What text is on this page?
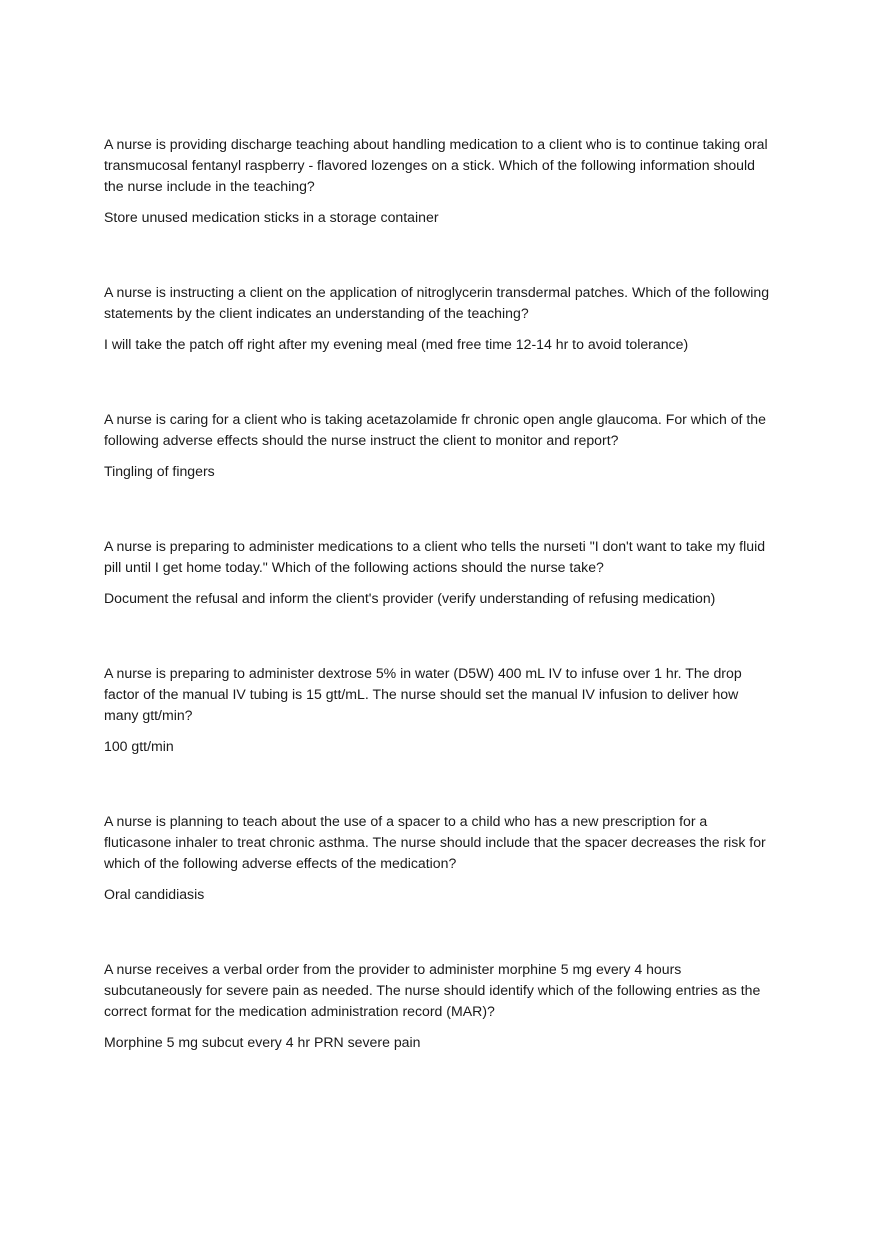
A nurse is providing discharge teaching about handling medication to a client who is to continue taking oral transmucosal fentanyl raspberry - flavored lozenges on a stick. Which of the following information should the nurse include in the teaching?

Store unused medication sticks in a storage container

A nurse is instructing a client on the application of nitroglycerin transdermal patches. Which of the following statements by the client indicates an understanding of the teaching?

I will take the patch off right after my evening meal (med free time 12-14 hr to avoid tolerance)

A nurse is caring for a client who is taking acetazolamide fr chronic open angle glaucoma. For which of the following adverse effects should the nurse instruct the client to monitor and report?

Tingling of fingers

A nurse is preparing to administer medications to a client who tells the nurseti "I don't want to take my fluid pill until I get home today." Which of the following actions should the nurse take?

Document the refusal and inform the client's provider (verify understanding of refusing medication)

A nurse is preparing to administer dextrose 5% in water (D5W) 400 mL IV to infuse over 1 hr. The drop factor of the manual IV tubing is 15 gtt/mL. The nurse should set the manual IV infusion to deliver how many gtt/min?

100 gtt/min

A nurse is planning to teach about the use of a spacer to a child who has a new prescription for a fluticasone inhaler to treat chronic asthma. The nurse should include that the spacer decreases the risk for which of the following adverse effects of the medication?

Oral candidiasis

A nurse receives a verbal order from the provider to administer morphine 5 mg every 4 hours subcutaneously for severe pain as needed. The nurse should identify which of the following entries as the correct format for the medication administration record (MAR)?

Morphine 5 mg subcut every 4 hr PRN severe pain
